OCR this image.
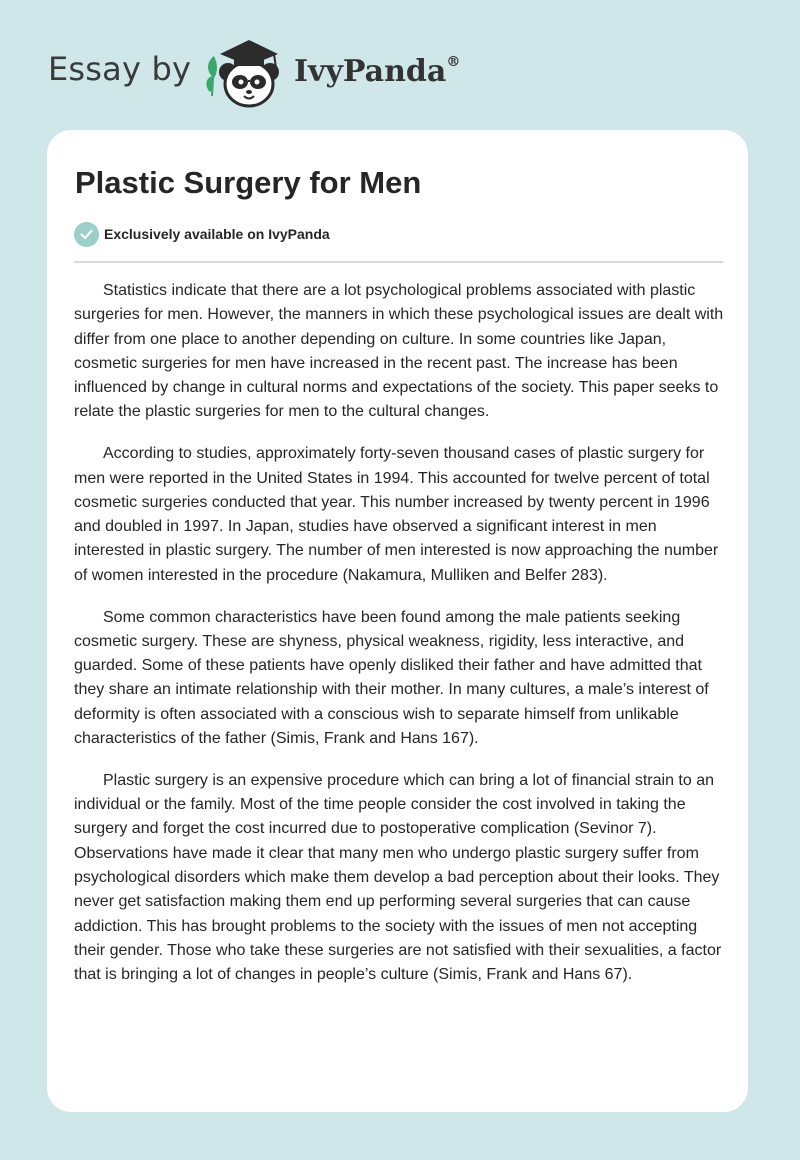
Essay by	IvyPanda®
Plastic Surgery for Men
Exclusively available on IvyPanda

Statistics indicate that there are a lot psychological problems associated with plastic surgeries for men. However, the manners in which these psychological issues are dealt with differ from one place to another depending on culture. In some countries like Japan, cosmetic surgeries for men have increased in the recent past. The increase has been influenced by change in cultural norms and expectations of the society. This paper seeks to relate the plastic surgeries for men to the cultural changes.

According to studies, approximately forty-seven thousand cases of plastic surgery for men were reported in the United States in 1994. This accounted for twelve percent of total cosmetic surgeries conducted that year. This number increased by twenty percent in 1996 and doubled in 1997. In Japan, studies have observed a significant interest in men interested in plastic surgery. The number of men interested is now approaching the number of women interested in the procedure (Nakamura, Mulliken and Belfer 283).

Some common characteristics have been found among the male patients seeking cosmetic surgery. These are shyness, physical weakness, rigidity, less interactive, and guarded. Some of these patients have openly disliked their father and have admitted that they share an intimate relationship with their mother. In many cultures, a male’s interest of deformity is often associated with a conscious wish to separate himself from unlikable characteristics of the father (Simis, Frank and Hans 167).

Plastic surgery is an expensive procedure which can bring a lot of financial strain to an individual or the family. Most of the time people consider the cost involved in taking the surgery and forget the cost incurred due to postoperative complication (Sevinor 7). Observations have made it clear that many men who undergo plastic surgery suffer from psychological disorders which make them develop a bad perception about their looks. They never get satisfaction making them end up performing several surgeries that can cause addiction. This has brought problems to the society with the issues of men not accepting their gender. Those who take these surgeries are not satisfied with their sexualities, a factor that is bringing a lot of changes in people’s culture (Simis, Frank and Hans 67).
